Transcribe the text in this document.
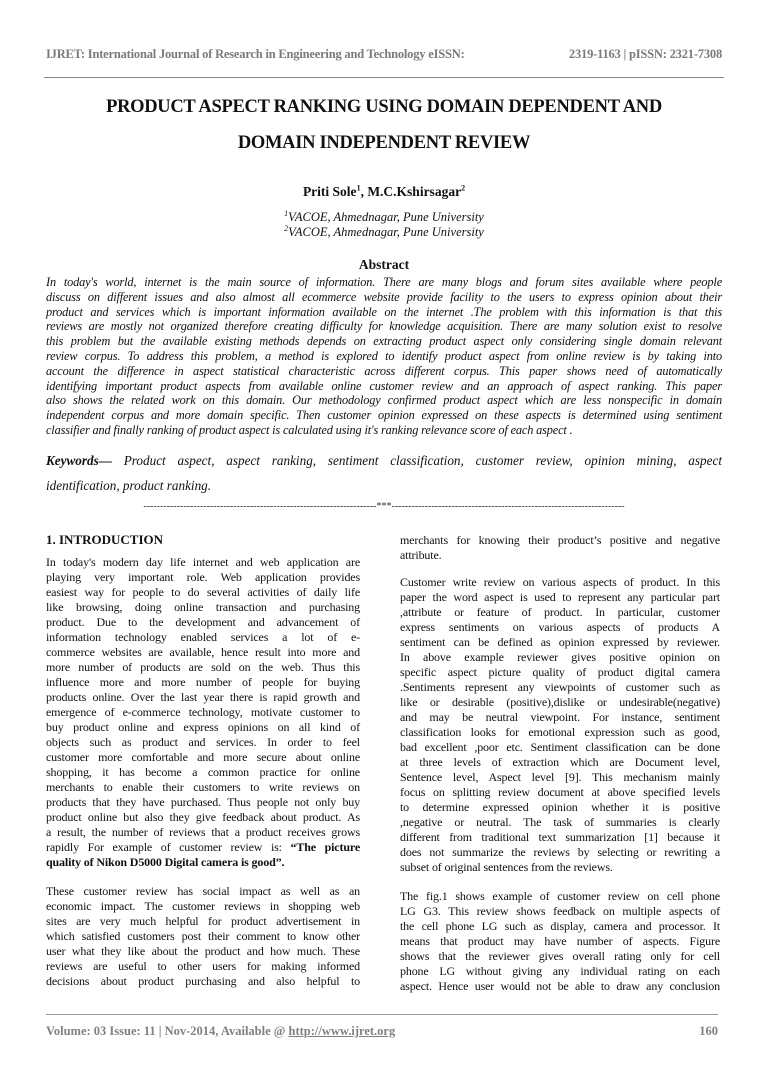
IJRET: International Journal of Research in Engineering and Technology eISSN:	2319-1163 | pISSN: 2321-7308
PRODUCT ASPECT RANKING USING DOMAIN DEPENDENT AND
DOMAIN INDEPENDENT REVIEW
Priti Sole$^1$, M.C.Kshirsagar$^2$
$^1$VACOE, Ahmednagar, Pune University
$^2$VACOE, Ahmednagar, Pune University
Abstract
In today's world, internet is the main source of information. There are many blogs and forum sites available where people
discuss on different issues and also almost all ecommerce website provide facility to the users to express opinion about their
product and services which is important information available on the internet .The problem with this information is that this
reviews are mostly not organized therefore creating difficulty for knowledge acquisition. There are many solution exist to resolve
this problem but the available existing methods depends on extracting product aspect only considering single domain relevant
review corpus. To address this problem, a method is explored to identify product aspect from online review is by taking into
account the difference in aspect statistical characteristic across different corpus. This paper shows need of automatically
identifying important product aspects from available online customer review and an approach of aspect ranking. This paper
also shows the related work on this domain. Our methodology confirmed product aspect which are less nonspecific in domain
independent corpus and more domain specific. Then customer opinion expressed on these aspects is determined using sentiment
classifier and finally ranking of product aspect is calculated using it's ranking relevance score of each aspect .
Keywords— Product aspect, aspect ranking, sentiment classification, customer review, opinion mining, aspect
identification, product ranking.
----------------------------------------------------------------------***----------------------------------------------------------------------
1. INTRODUCTION
In today's modern day life internet and web application are
playing very important role. Web application provides
easiest way for people to do several activities of daily life
like browsing, doing online transaction and purchasing
product. Due to the development and advancement of
information technology enabled services a lot of e-
commerce websites are available, hence result into more and
more number of products are sold on the web. Thus this
influence more and more number of people for buying
products online. Over the last year there is rapid growth and
emergence of e-commerce technology, motivate customer to
buy product online and express opinions on all kind of
objects such as product and services. In order to feel
customer more comfortable and more secure about online
shopping, it has become a common practice for online
merchants to enable their customers to write reviews on
products that they have purchased. Thus people not only buy
product online but also they give feedback about product. As
a result, the number of reviews that a product receives grows
rapidly For example of customer review is: “The picture
quality of Nikon D5000 Digital camera is good”.
These customer review has social impact as well as an
economic impact. The customer reviews in shopping web
sites are very much helpful for product advertisement in
which satisfied customers post their comment to know other
user what they like about the product and how much. These
reviews are useful to other users for making informed
decisions about product purchasing and also helpful to
merchants for knowing their product’s positive and negative
attribute.
Customer write review on various aspects of product. In this
paper the word aspect is used to represent any particular part
,attribute or feature of product. In particular, customer
express sentiments on various aspects of products A
sentiment can be defined as opinion expressed by reviewer.
In above example reviewer gives positive opinion on
specific aspect picture quality of product digital camera
.Sentiments represent any viewpoints of customer such as
like or desirable (positive),dislike or undesirable(negative)
and may be neutral viewpoint. For instance, sentiment
classification looks for emotional expression such as good,
bad excellent ,poor etc. Sentiment classification can be done
at three levels of extraction which are Document level,
Sentence level, Aspect level [9]. This mechanism mainly
focus on splitting review document at above specified levels
to determine expressed opinion whether it is positive
,negative or neutral. The task of summaries is clearly
different from traditional text summarization [1] because it
does not summarize the reviews by selecting or rewriting a
subset of original sentences from the reviews.
The fig.1 shows example of customer review on cell phone
LG G3. This review shows feedback on multiple aspects of
the cell phone LG such as display, camera and processor. It
means that product may have number of aspects. Figure
shows that the reviewer gives overall rating only for cell
phone LG without giving any individual rating on each
aspect. Hence user would not be able to draw any conclusion
Volume: 03 Issue: 11 | Nov-2014, Available @ http://www.ijret.org	160
